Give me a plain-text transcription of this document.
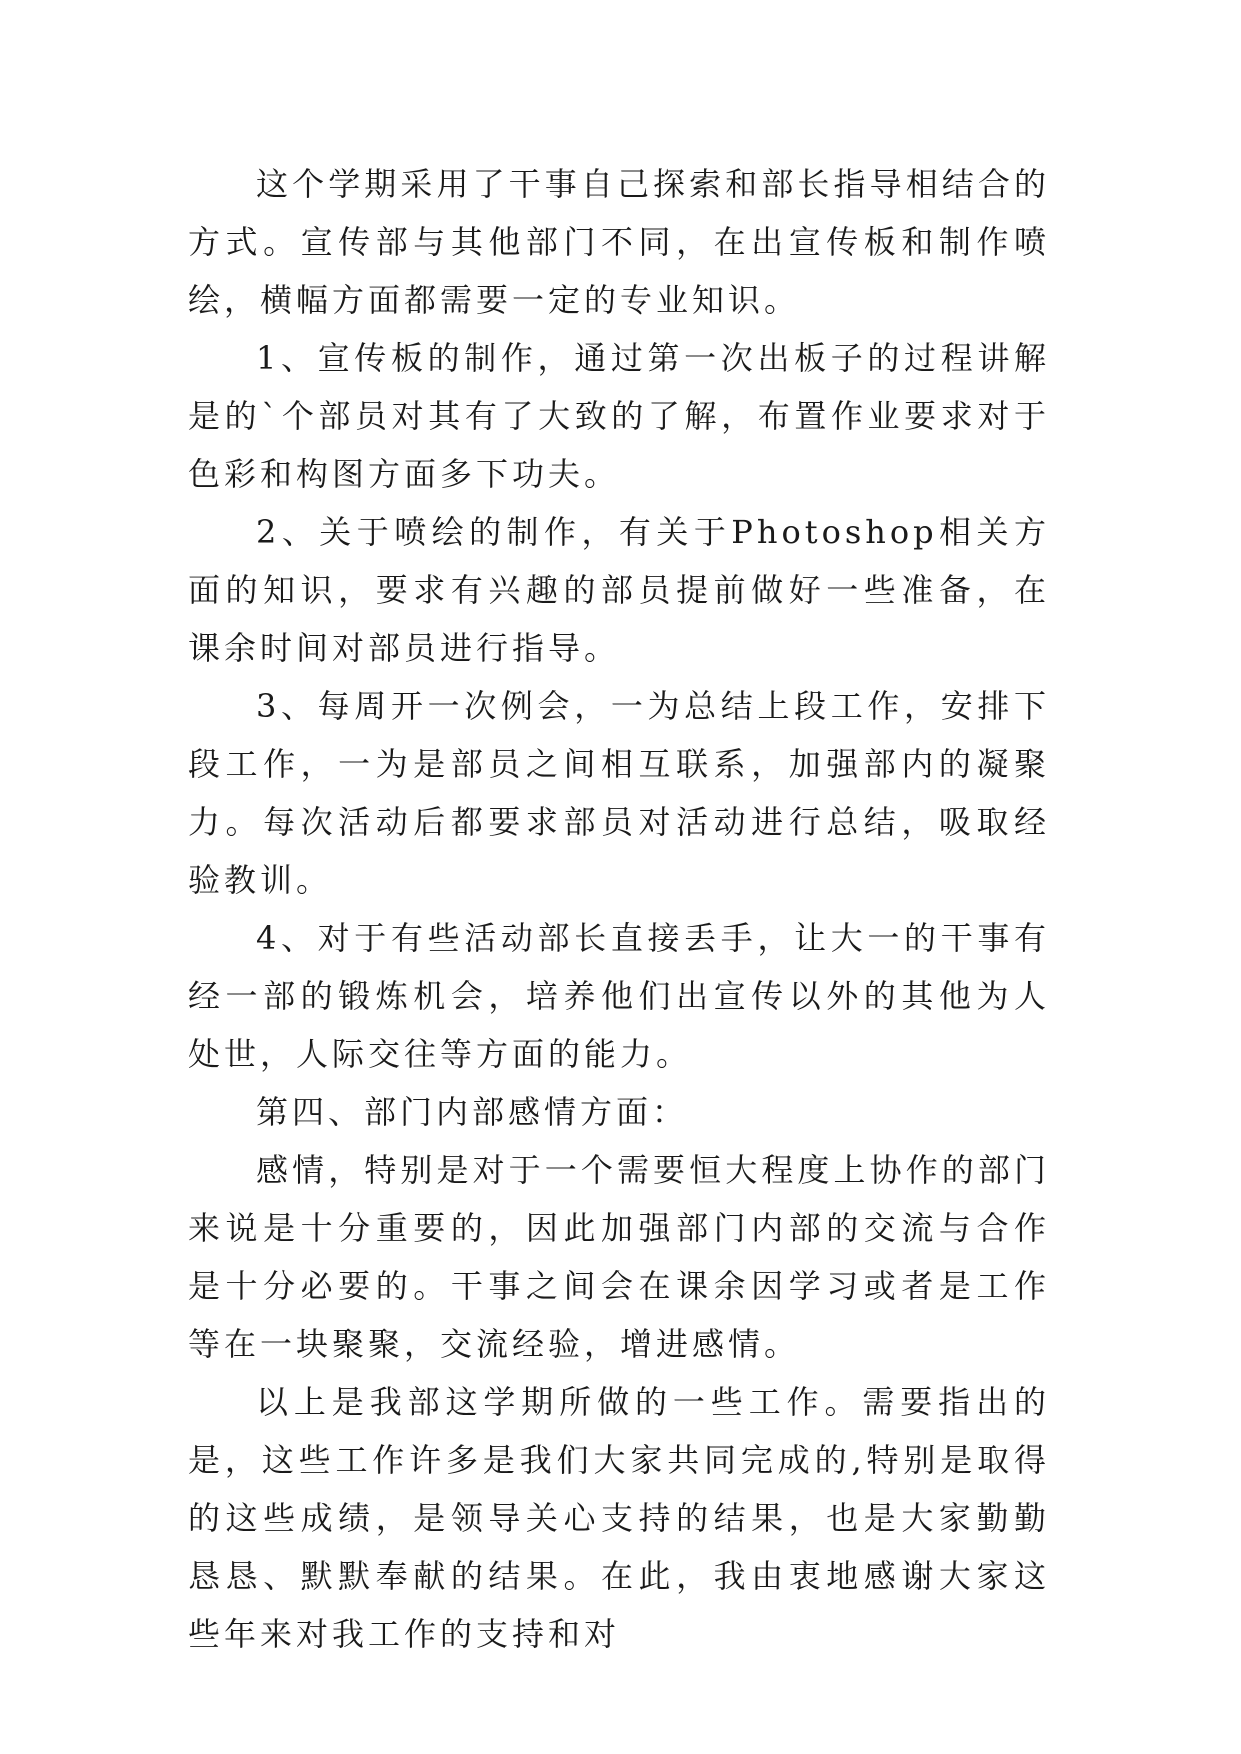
这个学期采用了干事自己探索和部长指导相结合的方式。宣传部与其他部门不同，在出宣传板和制作喷绘，横幅方面都需要一定的专业知识。

1、宣传板的制作，通过第一次出板子的过程讲解是的`个部员对其有了大致的了解，布置作业要求对于色彩和构图方面多下功夫。

2、关于喷绘的制作，有关于Photoshop相关方面的知识，要求有兴趣的部员提前做好一些准备，在课余时间对部员进行指导。

3、每周开一次例会，一为总结上段工作，安排下段工作，一为是部员之间相互联系，加强部内的凝聚力。每次活动后都要求部员对活动进行总结，吸取经验教训。

4、对于有些活动部长直接丢手，让大一的干事有经一部的锻炼机会，培养他们出宣传以外的其他为人处世，人际交往等方面的能力。

第四、部门内部感情方面：

感情，特别是对于一个需要恒大程度上协作的部门来说是十分重要的，因此加强部门内部的交流与合作是十分必要的。干事之间会在课余因学习或者是工作等在一块聚聚，交流经验，增进感情。

以上是我部这学期所做的一些工作。需要指出的是，这些工作许多是我们大家共同完成的,特别是取得的这些成绩，是领导关心支持的结果，也是大家勤勤恳恳、默默奉献的结果。在此，我由衷地感谢大家这些年来对我工作的支持和对
